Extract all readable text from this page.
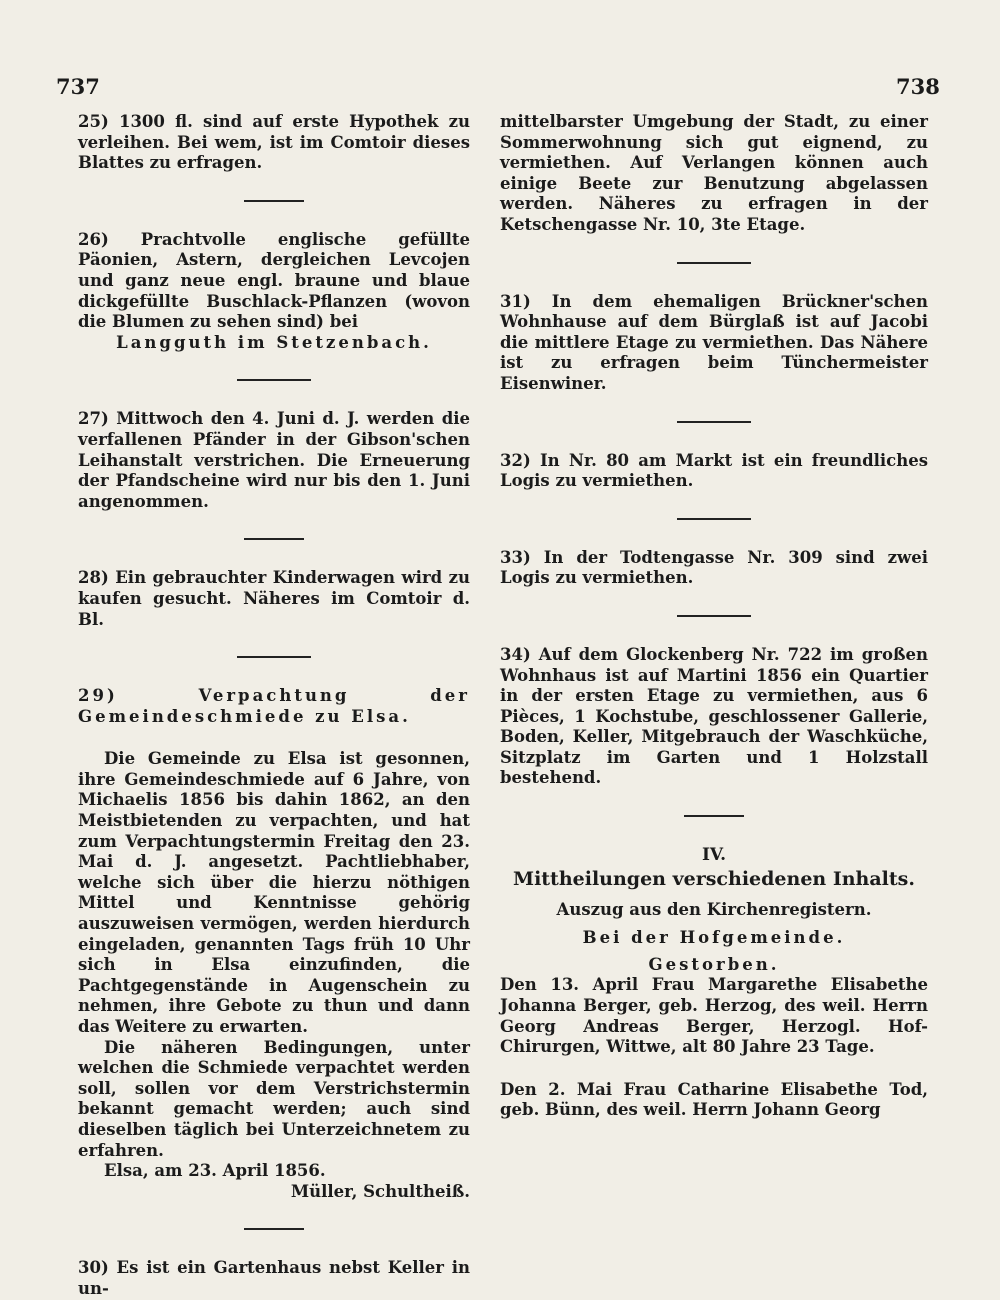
737	738

25) 1300 fl. sind auf erste Hypothek zu verleihen. Bei wem, ist im Comtoir dieses Blattes zu erfragen.

26) Prachtvolle englische gefüllte Päonien, Astern, dergleichen Levcojen und ganz neue engl. braune und blaue dickgefüllte Buschlack-Pflanzen (wovon die Blumen zu sehen sind) bei

Langguth im Stetzenbach.

27) Mittwoch den 4. Juni d. J. werden die verfallenen Pfänder in der Gibson'schen Leihanstalt verstrichen. Die Erneuerung der Pfandscheine wird nur bis den 1. Juni angenommen.

28) Ein gebrauchter Kinderwagen wird zu kaufen gesucht. Näheres im Comtoir d. Bl.

29) Verpachtung der Gemeindeschmiede zu Elsa.

Die Gemeinde zu Elsa ist gesonnen, ihre Gemeindeschmiede auf 6 Jahre, von Michaelis 1856 bis dahin 1862, an den Meistbietenden zu verpachten, und hat zum Verpachtungstermin Freitag den 23. Mai d. J. angesetzt. Pachtliebhaber, welche sich über die hierzu nöthigen Mittel und Kenntnisse gehörig auszuweisen vermögen, werden hierdurch eingeladen, genannten Tags früh 10 Uhr sich in Elsa einzufinden, die Pachtgegenstände in Augenschein zu nehmen, ihre Gebote zu thun und dann das Weitere zu erwarten.

Die näheren Bedingungen, unter welchen die Schmiede verpachtet werden soll, sollen vor dem Verstrichstermin bekannt gemacht werden; auch sind dieselben täglich bei Unterzeichnetem zu erfahren.

Elsa, am 23. April 1856.

Müller, Schultheiß.

30) Es ist ein Gartenhaus nebst Keller in un-

mittelbarster Umgebung der Stadt, zu einer Sommerwohnung sich gut eignend, zu vermiethen. Auf Verlangen können auch einige Beete zur Benutzung abgelassen werden. Näheres zu erfragen in der Ketschengasse Nr. 10, 3te Etage.

31) In dem ehemaligen Brückner'schen Wohnhause auf dem Bürglaß ist auf Jacobi die mittlere Etage zu vermiethen. Das Nähere ist zu erfragen beim Tünchermeister Eisenwiner.

32) In Nr. 80 am Markt ist ein freundliches Logis zu vermiethen.

33) In der Todtengasse Nr. 309 sind zwei Logis zu vermiethen.

34) Auf dem Glockenberg Nr. 722 im großen Wohnhaus ist auf Martini 1856 ein Quartier in der ersten Etage zu vermiethen, aus 6 Pièces, 1 Kochstube, geschlossener Gallerie, Boden, Keller, Mitgebrauch der Waschküche, Sitzplatz im Garten und 1 Holzstall bestehend.

IV.

Mittheilungen verschiedenen Inhalts.

Auszug aus den Kirchenregistern.

Bei der Hofgemeinde.

Gestorben.

Den 13. April Frau Margarethe Elisabethe Johanna Berger, geb. Herzog, des weil. Herrn Georg Andreas Berger, Herzogl. Hof-Chirurgen, Wittwe, alt 80 Jahre 23 Tage.

Den 2. Mai Frau Catharine Elisabethe Tod, geb. Bünn, des weil. Herrn Johann Georg
